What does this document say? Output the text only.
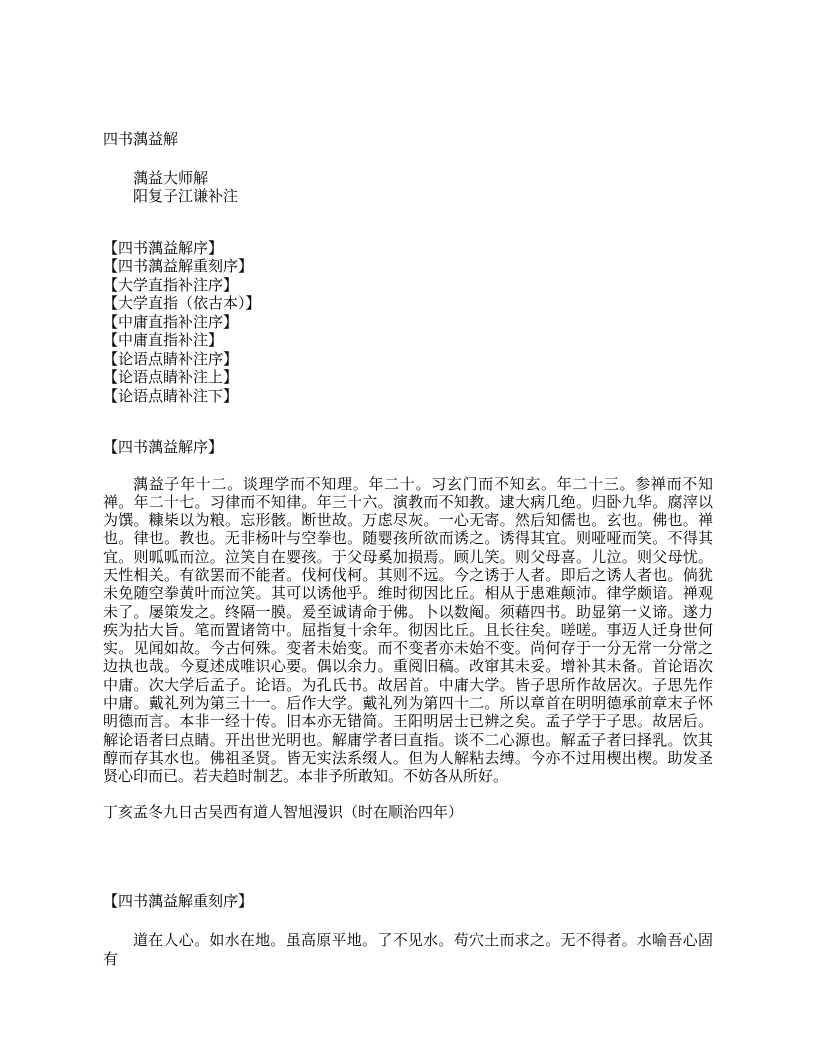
四书蕅益解
蕅益大师解
阳复子江谦补注
【四书蕅益解序】
【四书蕅益解重刻序】
【大学直指补注序】
【大学直指（依古本）】
【中庸直指补注序】
【中庸直指补注】
【论语点睛补注序】
【论语点睛补注上】
【论语点睛补注下】
【四书蕅益解序】

蕅益子年十二。谈理学而不知理。年二十。习玄门而不知玄。年二十三。参禅而不知禅。年二十七。习律而不知律。年三十六。演教而不知教。逮大病几绝。归卧九华。腐滓以为馔。糠枈以为粮。忘形骸。断世故。万虑尽灰。一心无寄。然后知儒也。玄也。佛也。禅也。律也。教也。无非杨叶与空拳也。随婴孩所欲而诱之。诱得其宜。则哑哑而笑。不得其宜。则呱呱而泣。泣笑自在婴孩。于父母奚加损焉。顾儿笑。则父母喜。儿泣。则父母忧。天性相关。有欲罢而不能者。伐柯伐柯。其则不远。今之诱于人者。即后之诱人者也。倘犹未免随空拳黄叶而泣笑。其可以诱他乎。维时彻因比丘。相从于患难颠沛。律学颇谙。禅观未了。屡策发之。终隔一膜。爰至诚请命于佛。卜以数阄。须藉四书。助显第一义谛。遂力疾为拈大旨。笔而置诸笥中。屈指复十余年。彻因比丘。且长往矣。嗟嗟。事迈人迁身世何实。见闻如故。今古何殊。变者未始变。而不变者亦未始不变。尚何存于一分无常一分常之边执也哉。今夏述成唯识心要。偶以余力。重阅旧稿。改窜其未妥。增补其未备。首论语次中庸。次大学后孟子。论语。为孔氏书。故居首。中庸大学。皆子思所作故居次。子思先作中庸。戴礼列为第三十一。后作大学。戴礼列为第四十二。所以章首在明明德承前章末子怀明德而言。本非一经十传。旧本亦无错简。王阳明居士已辨之矣。孟子学于子思。故居后。解论语者曰点睛。开出世光明也。解庸学者曰直指。谈不二心源也。解孟子者曰择乳。饮其醇而存其水也。佛祖圣贤。皆无实法系缀人。但为人解粘去缚。今亦不过用楔出楔。助发圣贤心印而已。若夫趋时制艺。本非予所敢知。不妨各从所好。

丁亥孟冬九日古吴西有道人智旭漫识（时在顺治四年）
【四书蕅益解重刻序】

道在人心。如水在地。虽高原平地。了不见水。苟穴土而求之。无不得者。水喻吾心固有
